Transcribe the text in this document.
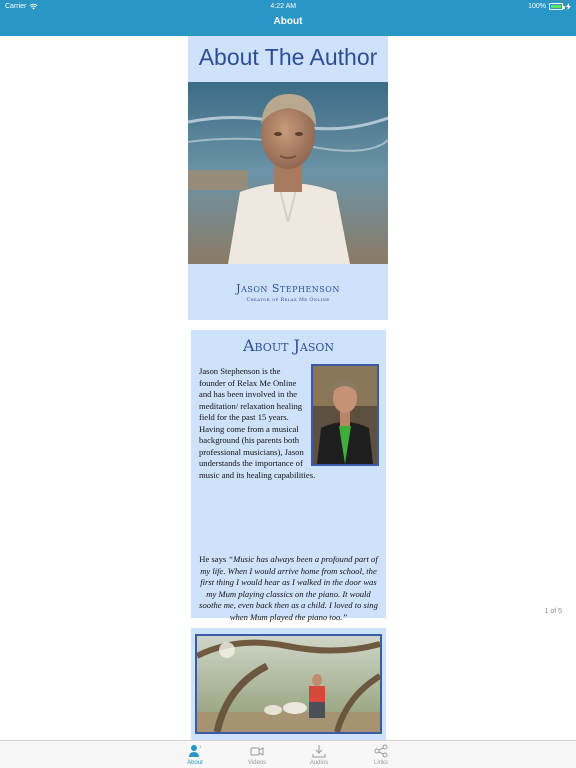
Carrier	4:22 AM	100%
About
About The Author
Jason Stephenson
Creator of Relax Me Online
About Jason
Jason Stephenson is the founder of Relax Me Online and has been involved in the meditation/ relaxation healing field for the past 15 years. Having come from a musical background (his parents both professional musicians), Jason understands the importance of music and its healing capabilities.
He says “Music has always been a profound part of my life. When I would arrive home from school, the first thing I would hear as I walked in the door was my Mum playing classics on the piano. It would soothe me, even back then as a child. I loved to sing when Mum played the piano too.”	1 of 5
1
About	Videos	Audios	Links
